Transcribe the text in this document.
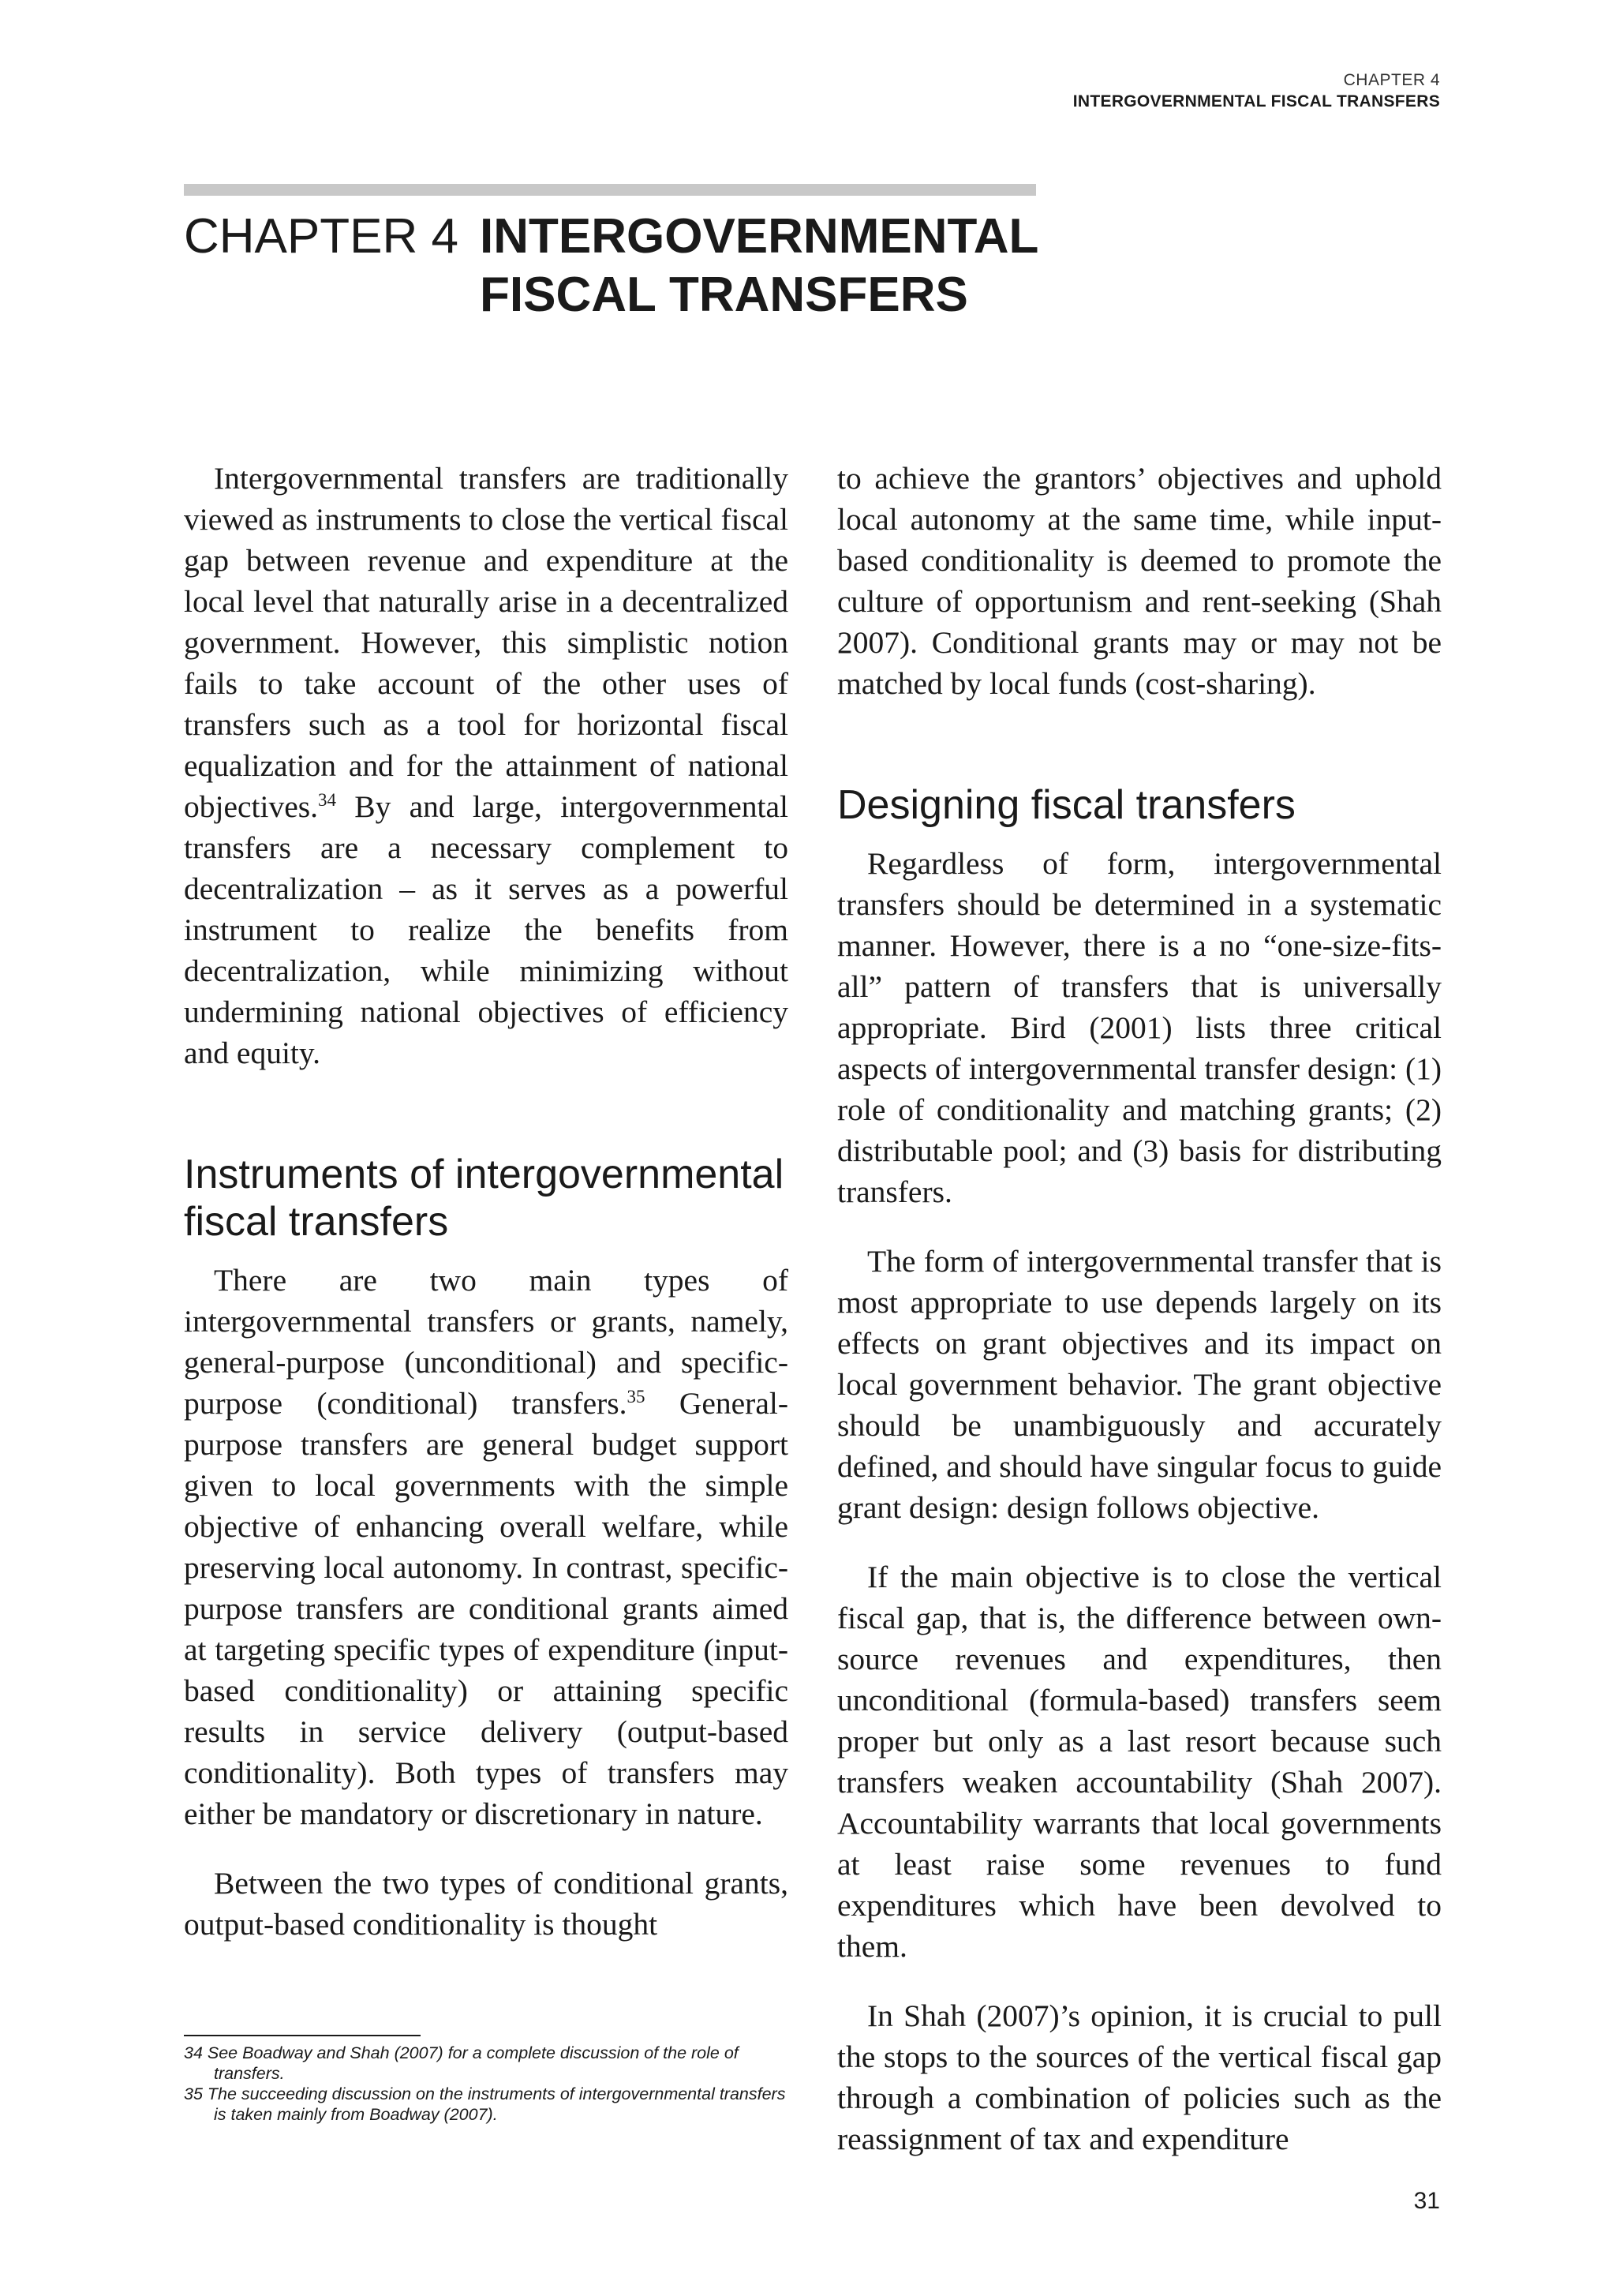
CHAPTER 4
INTERGOVERNMENTAL FISCAL TRANSFERS
CHAPTER 4 INTERGOVERNMENTAL FISCAL TRANSFERS

Intergovernmental transfers are traditionally viewed as instruments to close the vertical fiscal gap between revenue and expenditure at the local level that naturally arise in a decentralized government. However, this simplistic notion fails to take account of the other uses of transfers such as a tool for horizontal fiscal equalization and for the attainment of national objectives.$^{34}$ By and large, intergovernmental transfers are a necessary complement to decentralization – as it serves as a powerful instrument to realize the benefits from decentralization, while minimizing without undermining national objectives of efficiency and equity.

Instruments of intergovernmental fiscal transfers

There are two main types of intergovernmental transfers or grants, namely, general-purpose (unconditional) and specific-purpose (conditional) transfers.$^{35}$ General-purpose transfers are general budget support given to local governments with the simple objective of enhancing overall welfare, while preserving local autonomy. In contrast, specific-purpose transfers are conditional grants aimed at targeting specific types of expenditure (input-based conditionality) or attaining specific results in service delivery (output-based conditionality). Both types of transfers may either be mandatory or discretionary in nature.

Between the two types of conditional grants, output-based conditionality is thought

to achieve the grantors’ objectives and uphold local autonomy at the same time, while input-based conditionality is deemed to promote the culture of opportunism and rent-seeking (Shah 2007). Conditional grants may or may not be matched by local funds (cost-sharing).

Designing fiscal transfers

Regardless of form, intergovernmental transfers should be determined in a systematic manner. However, there is a no “one-size-fits-all” pattern of transfers that is universally appropriate. Bird (2001) lists three critical aspects of intergovernmental transfer design: (1) role of conditionality and matching grants; (2) distributable pool; and (3) basis for distributing transfers.

The form of intergovernmental transfer that is most appropriate to use depends largely on its effects on grant objectives and its impact on local government behavior. The grant objective should be unambiguously and accurately defined, and should have singular focus to guide grant design: design follows objective.

If the main objective is to close the vertical fiscal gap, that is, the difference between own-source revenues and expenditures, then unconditional (formula-based) transfers seem proper but only as a last resort because such transfers weaken accountability (Shah 2007). Accountability warrants that local governments at least raise some revenues to fund expenditures which have been devolved to them.

In Shah (2007)’s opinion, it is crucial to pull the stops to the sources of the vertical fiscal gap through a combination of policies such as the reassignment of tax and expenditure

34 See Boadway and Shah (2007) for a complete discussion of the role of transfers.
35 The succeeding discussion on the instruments of intergovernmental transfers is taken mainly from Boadway (2007).
31
